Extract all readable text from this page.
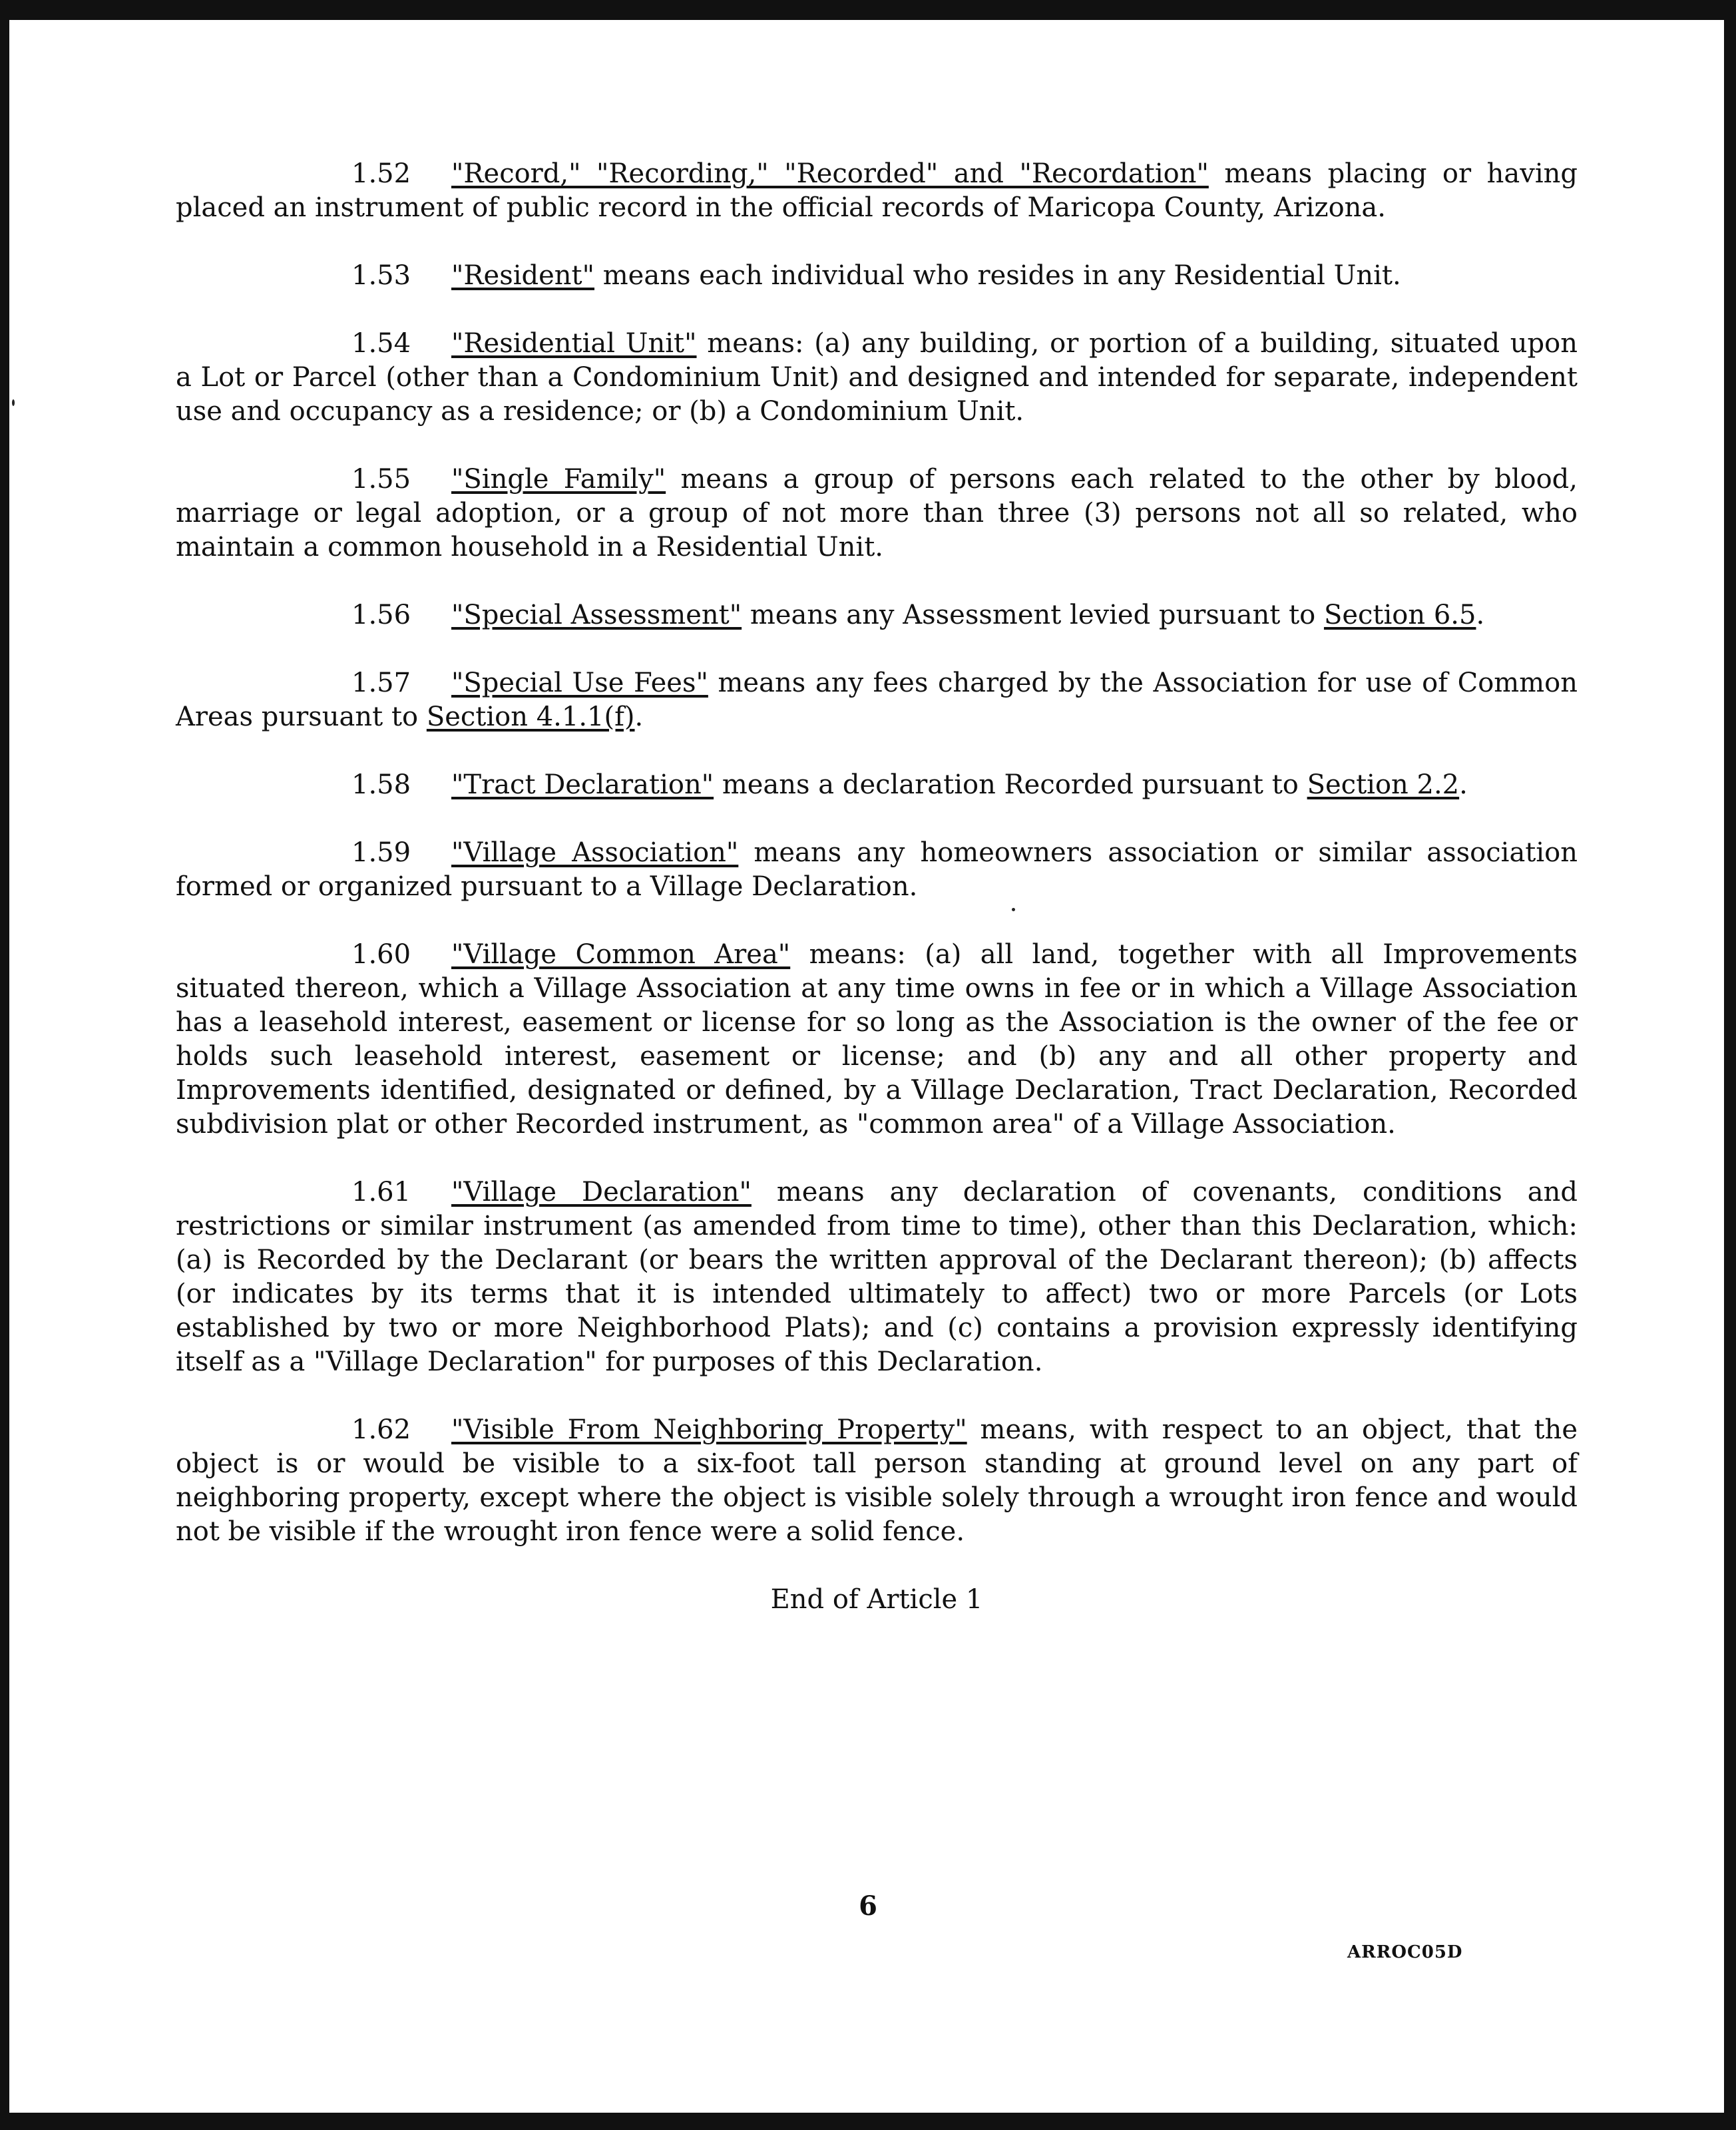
1.52 "Record," "Recording," "Recorded" and "Recordation" means placing or having placed an instrument of public record in the official records of Maricopa County, Arizona.

1.53 "Resident" means each individual who resides in any Residential Unit.

1.54 "Residential Unit" means: (a) any building, or portion of a building, situated upon a Lot or Parcel (other than a Condominium Unit) and designed and intended for separate, independent use and occupancy as a residence; or (b) a Condominium Unit.

1.55 "Single Family" means a group of persons each related to the other by blood, marriage or legal adoption, or a group of not more than three (3) persons not all so related, who maintain a common household in a Residential Unit.

1.56 "Special Assessment" means any Assessment levied pursuant to Section 6.5.

1.57 "Special Use Fees" means any fees charged by the Association for use of Common Areas pursuant to Section 4.1.1(f).

1.58 "Tract Declaration" means a declaration Recorded pursuant to Section 2.2.

1.59 "Village Association" means any homeowners association or similar association formed or organized pursuant to a Village Declaration.

1.60 "Village Common Area" means: (a) all land, together with all Improvements situated thereon, which a Village Association at any time owns in fee or in which a Village Association has a leasehold interest, easement or license for so long as the Association is the owner of the fee or holds such leasehold interest, easement or license; and (b) any and all other property and Improvements identified, designated or defined, by a Village Declaration, Tract Declaration, Recorded subdivision plat or other Recorded instrument, as "common area" of a Village Association.

1.61 "Village Declaration" means any declaration of covenants, conditions and restrictions or similar instrument (as amended from time to time), other than this Declaration, which: (a) is Recorded by the Declarant (or bears the written approval of the Declarant thereon); (b) affects (or indicates by its terms that it is intended ultimately to affect) two or more Parcels (or Lots established by two or more Neighborhood Plats); and (c) contains a provision expressly identifying itself as a "Village Declaration" for purposes of this Declaration.

1.62 "Visible From Neighboring Property" means, with respect to an object, that the object is or would be visible to a six-foot tall person standing at ground level on any part of neighboring property, except where the object is visible solely through a wrought iron fence and would not be visible if the wrought iron fence were a solid fence.

End of Article 1

6
ARROC05D
